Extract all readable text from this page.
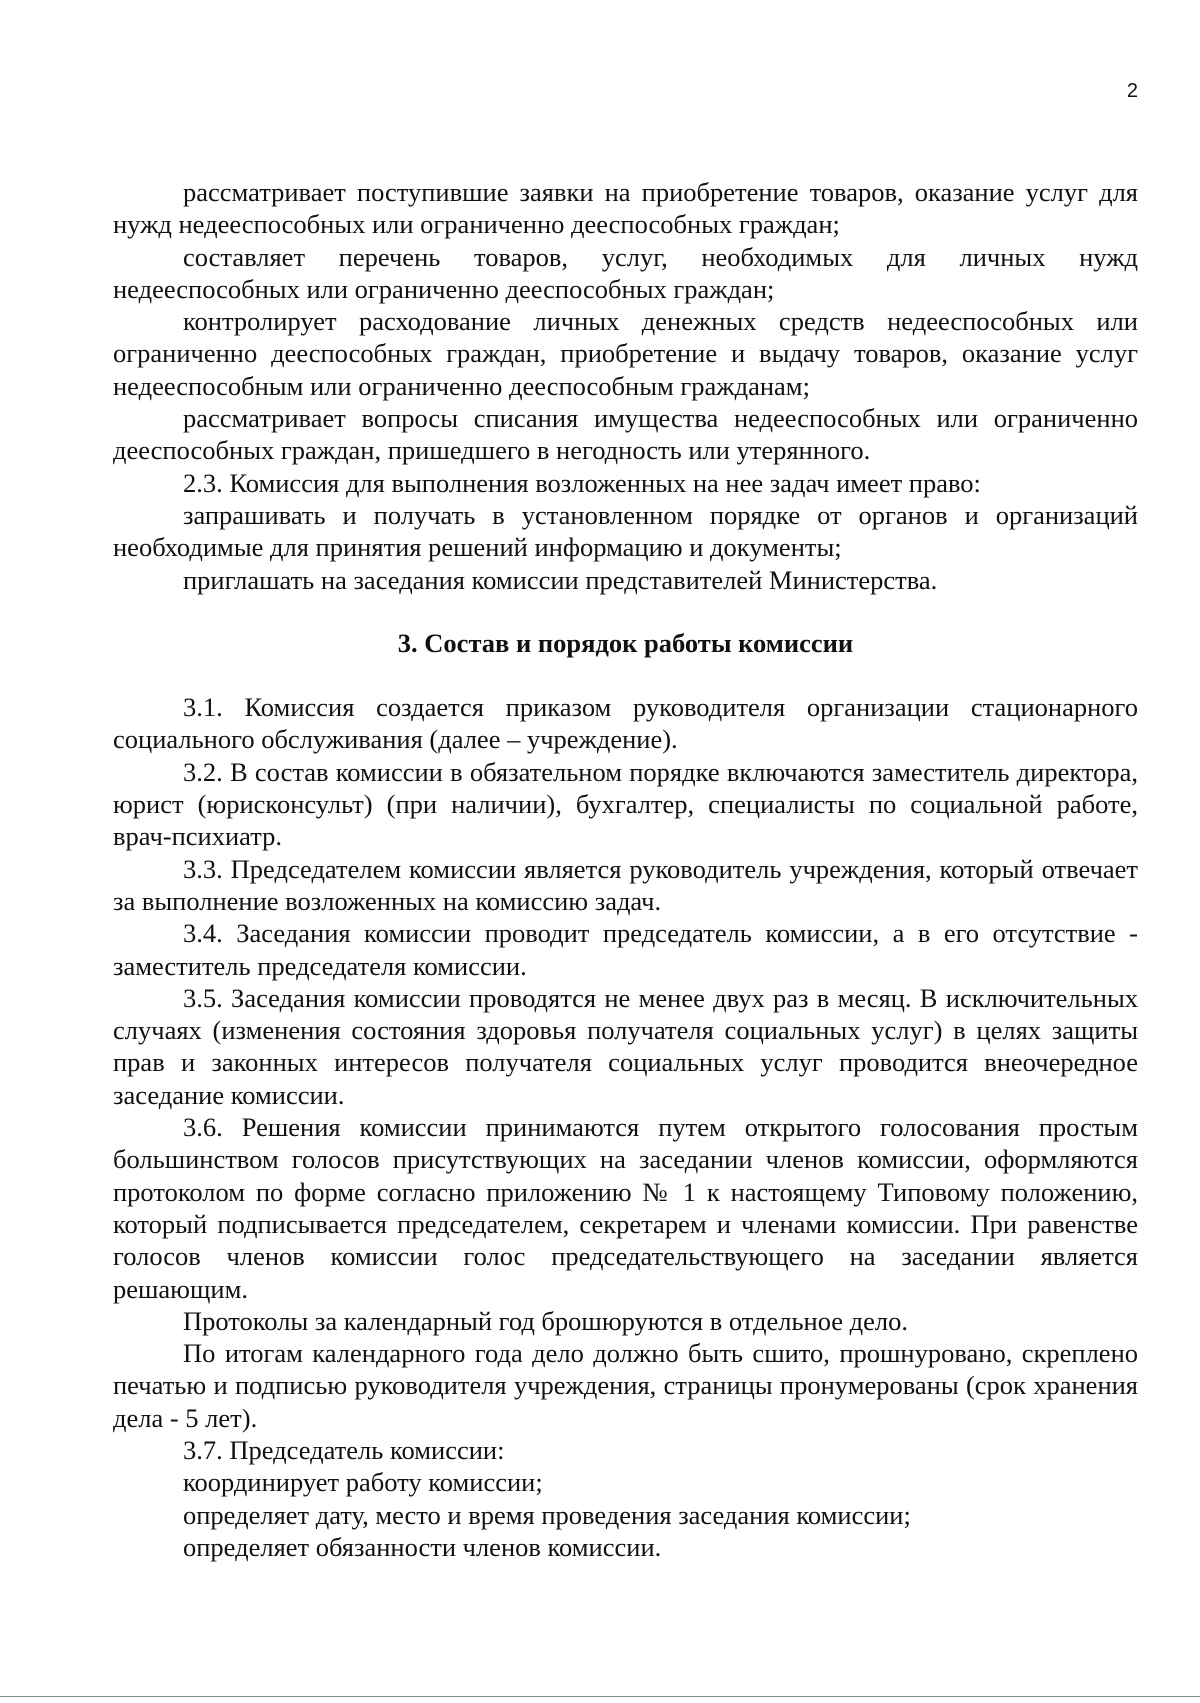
2

рассматривает поступившие заявки на приобретение товаров, оказание услуг для нужд недееспособных или ограниченно дееспособных граждан;

составляет перечень товаров, услуг, необходимых для личных нужд недееспособных или ограниченно дееспособных граждан;

контролирует расходование личных денежных средств недееспособных или ограниченно дееспособных граждан, приобретение и выдачу товаров, оказание услуг недееспособным или ограниченно дееспособным гражданам;

рассматривает вопросы списания имущества недееспособных или ограниченно дееспособных граждан, пришедшего в негодность или утерянного.

2.3. Комиссия для выполнения возложенных на нее задач имеет право:

запрашивать и получать в установленном порядке от органов и организаций необходимые для принятия решений информацию и документы;

приглашать на заседания комиссии представителей Министерства.

3. Состав и порядок работы комиссии

3.1. Комиссия создается приказом руководителя организации стационарного социального обслуживания (далее – учреждение).

3.2. В состав комиссии в обязательном порядке включаются заместитель директора, юрист (юрисконсульт) (при наличии), бухгалтер, специалисты по социальной работе, врач-психиатр.

3.3. Председателем комиссии является руководитель учреждения, который отвечает за выполнение возложенных на комиссию задач.

3.4. Заседания комиссии проводит председатель комиссии, а в его отсутствие - заместитель председателя комиссии.

3.5. Заседания комиссии проводятся не менее двух раз в месяц. В исключительных случаях (изменения состояния здоровья получателя социальных услуг) в целях защиты прав и законных интересов получателя социальных услуг проводится внеочередное заседание комиссии.

3.6. Решения комиссии принимаются путем открытого голосования простым большинством голосов присутствующих на заседании членов комиссии, оформляются протоколом по форме согласно приложению № 1 к настоящему Типовому положению, который подписывается председателем, секретарем и членами комиссии. При равенстве голосов членов комиссии голос председательствующего на заседании является решающим.

Протоколы за календарный год брошюруются в отдельное дело.

По итогам календарного года дело должно быть сшито, прошнуровано, скреплено печатью и подписью руководителя учреждения, страницы пронумерованы (срок хранения дела - 5 лет).

3.7. Председатель комиссии:

координирует работу комиссии;

определяет дату, место и время проведения заседания комиссии;

определяет обязанности членов комиссии.
